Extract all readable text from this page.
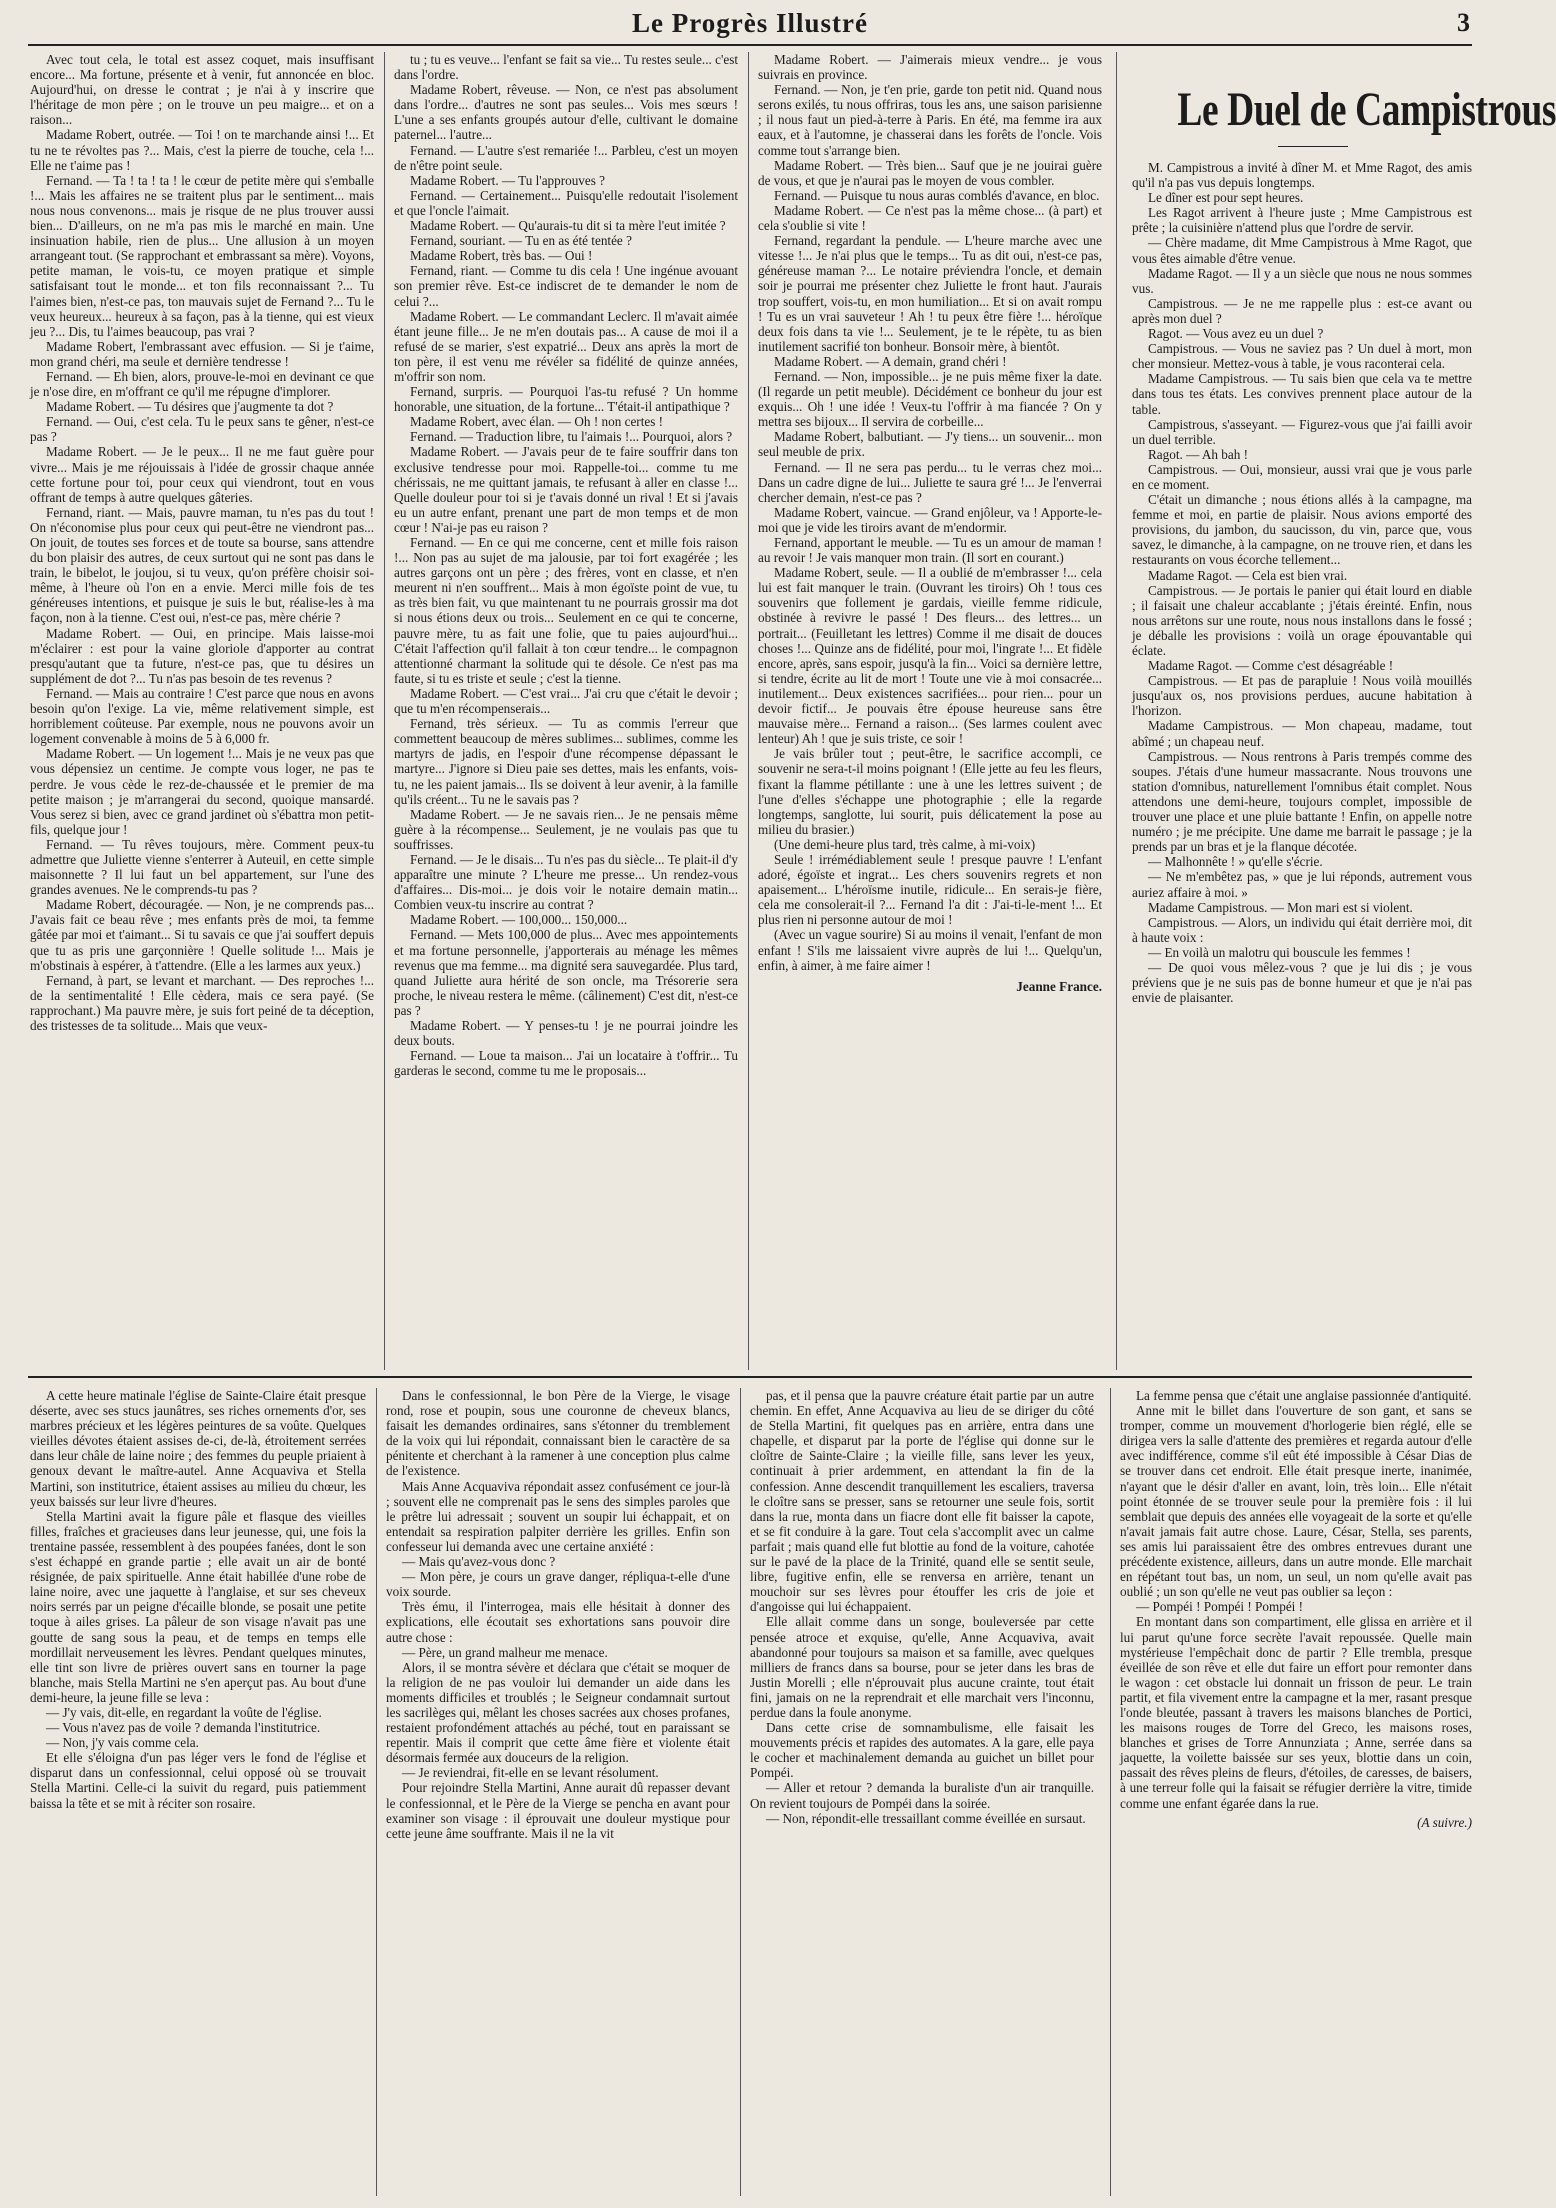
Le Progrès Illustré	3

Avec tout cela, le total est assez coquet, mais insuffisant encore... Ma fortune, présente et à venir, fut annoncée en bloc. Aujourd'hui, on dresse le contrat ; je n'ai à y inscrire que l'héritage de mon père ; on le trouve un peu maigre... et on a raison...

Madame Robert, outrée. — Toi ! on te marchande ainsi !... Et tu ne te révoltes pas ?... Mais, c'est la pierre de touche, cela !... Elle ne t'aime pas !

Fernand. — Ta ! ta ! ta ! le cœur de petite mère qui s'emballe !... Mais les affaires ne se traitent plus par le sentiment... mais nous nous convenons... mais je risque de ne plus trouver aussi bien... D'ailleurs, on ne m'a pas mis le marché en main. Une insinuation habile, rien de plus... Une allusion à un moyen arrangeant tout. (Se rapprochant et embrassant sa mère). Voyons, petite maman, le vois-tu, ce moyen pratique et simple satisfaisant tout le monde... et ton fils reconnaissant ?... Tu l'aimes bien, n'est-ce pas, ton mauvais sujet de Fernand ?... Tu le veux heureux... heureux à sa façon, pas à la tienne, qui est vieux jeu ?... Dis, tu l'aimes beaucoup, pas vrai ?

Madame Robert, l'embrassant avec effusion. — Si je t'aime, mon grand chéri, ma seule et dernière tendresse !

Fernand. — Eh bien, alors, prouve-le-moi en devinant ce que je n'ose dire, en m'offrant ce qu'il me répugne d'implorer.

Madame Robert. — Tu désires que j'augmente ta dot ?

Fernand. — Oui, c'est cela. Tu le peux sans te gêner, n'est-ce pas ?

Madame Robert. — Je le peux... Il ne me faut guère pour vivre... Mais je me réjouissais à l'idée de grossir chaque année cette fortune pour toi, pour ceux qui viendront, tout en vous offrant de temps à autre quelques gâteries.

Fernand, riant. — Mais, pauvre maman, tu n'es pas du tout ! On n'économise plus pour ceux qui peut-être ne viendront pas... On jouit, de toutes ses forces et de toute sa bourse, sans attendre du bon plaisir des autres, de ceux surtout qui ne sont pas dans le train, le bibelot, le joujou, si tu veux, qu'on préfère choisir soi-même, à l'heure où l'on en a envie. Merci mille fois de tes généreuses intentions, et puisque je suis le but, réalise-les à ma façon, non à la tienne. C'est oui, n'est-ce pas, mère chérie ?

Madame Robert. — Oui, en principe. Mais laisse-moi m'éclairer : est pour la vaine gloriole d'apporter au contrat presqu'autant que ta future, n'est-ce pas, que tu désires un supplément de dot ?... Tu n'as pas besoin de tes revenus ?

Fernand. — Mais au contraire ! C'est parce que nous en avons besoin qu'on l'exige. La vie, même relativement simple, est horriblement coûteuse. Par exemple, nous ne pouvons avoir un logement convenable à moins de 5 à 6,000 fr.

Madame Robert. — Un logement !... Mais je ne veux pas que vous dépensiez un centime. Je compte vous loger, ne pas te perdre. Je vous cède le rez-de-chaussée et le premier de ma petite maison ; je m'arrangerai du second, quoique mansardé. Vous serez si bien, avec ce grand jardinet où s'ébattra mon petit-fils, quelque jour !

Fernand. — Tu rêves toujours, mère. Comment peux-tu admettre que Juliette vienne s'enterrer à Auteuil, en cette simple maisonnette ? Il lui faut un bel appartement, sur l'une des grandes avenues. Ne le comprends-tu pas ?

Madame Robert, découragée. — Non, je ne comprends pas... J'avais fait ce beau rêve ; mes enfants près de moi, ta femme gâtée par moi et t'aimant... Si tu savais ce que j'ai souffert depuis que tu as pris une garçonnière ! Quelle solitude !... Mais je m'obstinais à espérer, à t'attendre. (Elle a les larmes aux yeux.)

Fernand, à part, se levant et marchant. — Des reproches !... de la sentimentalité ! Elle cèdera, mais ce sera payé. (Se rapprochant.) Ma pauvre mère, je suis fort peiné de ta déception, des tristesses de ta solitude... Mais que veux-

tu ; tu es veuve... l'enfant se fait sa vie... Tu restes seule... c'est dans l'ordre.

Madame Robert, rêveuse. — Non, ce n'est pas absolument dans l'ordre... d'autres ne sont pas seules... Vois mes sœurs ! L'une a ses enfants groupés autour d'elle, cultivant le domaine paternel... l'autre...

Fernand. — L'autre s'est remariée !... Parbleu, c'est un moyen de n'être point seule.

Madame Robert. — Tu l'approuves ?

Fernand. — Certainement... Puisqu'elle redoutait l'isolement et que l'oncle l'aimait.

Madame Robert. — Qu'aurais-tu dit si ta mère l'eut imitée ?

Fernand, souriant. — Tu en as été tentée ?

Madame Robert, très bas. — Oui !

Fernand, riant. — Comme tu dis cela ! Une ingénue avouant son premier rêve. Est-ce indiscret de te demander le nom de celui ?...

Madame Robert. — Le commandant Leclerc. Il m'avait aimée étant jeune fille... Je ne m'en doutais pas... A cause de moi il a refusé de se marier, s'est expatrié... Deux ans après la mort de ton père, il est venu me révéler sa fidélité de quinze années, m'offrir son nom.

Fernand, surpris. — Pourquoi l'as-tu refusé ? Un homme honorable, une situation, de la fortune... T'était-il antipathique ?

Madame Robert, avec élan. — Oh ! non certes !

Fernand. — Traduction libre, tu l'aimais !... Pourquoi, alors ?

Madame Robert. — J'avais peur de te faire souffrir dans ton exclusive tendresse pour moi. Rappelle-toi... comme tu me chérissais, ne me quittant jamais, te refusant à aller en classe !... Quelle douleur pour toi si je t'avais donné un rival ! Et si j'avais eu un autre enfant, prenant une part de mon temps et de mon cœur ! N'ai-je pas eu raison ?

Fernand. — En ce qui me concerne, cent et mille fois raison !... Non pas au sujet de ma jalousie, par toi fort exagérée ; les autres garçons ont un père ; des frères, vont en classe, et n'en meurent ni n'en souffrent... Mais à mon égoïste point de vue, tu as très bien fait, vu que maintenant tu ne pourrais grossir ma dot si nous étions deux ou trois... Seulement en ce qui te concerne, pauvre mère, tu as fait une folie, que tu paies aujourd'hui... C'était l'affection qu'il fallait à ton cœur tendre... le compagnon attentionné charmant la solitude qui te désole. Ce n'est pas ma faute, si tu es triste et seule ; c'est la tienne.

Madame Robert. — C'est vrai... J'ai cru que c'était le devoir ; que tu m'en récompenserais...

Fernand, très sérieux. — Tu as commis l'erreur que commettent beaucoup de mères sublimes... sublimes, comme les martyrs de jadis, en l'espoir d'une récompense dépassant le martyre... J'ignore si Dieu paie ses dettes, mais les enfants, vois-tu, ne les paient jamais... Ils se doivent à leur avenir, à la famille qu'ils créent... Tu ne le savais pas ?

Madame Robert. — Je ne savais rien... Je ne pensais même guère à la récompense... Seulement, je ne voulais pas que tu souffrisses.

Fernand. — Je le disais... Tu n'es pas du siècle... Te plait-il d'y apparaître une minute ? L'heure me presse... Un rendez-vous d'affaires... Dis-moi... je dois voir le notaire demain matin... Combien veux-tu inscrire au contrat ?

Madame Robert. — 100,000... 150,000...

Fernand. — Mets 100,000 de plus... Avec mes appointements et ma fortune personnelle, j'apporterais au ménage les mêmes revenus que ma femme... ma dignité sera sauvegardée. Plus tard, quand Juliette aura hérité de son oncle, ma Trésorerie sera proche, le niveau restera le même. (câlinement) C'est dit, n'est-ce pas ?

Madame Robert. — Y penses-tu ! je ne pourrai joindre les deux bouts.

Fernand. — Loue ta maison... J'ai un locataire à t'offrir... Tu garderas le second, comme tu me le proposais...

Madame Robert. — J'aimerais mieux vendre... je vous suivrais en province.

Fernand. — Non, je t'en prie, garde ton petit nid. Quand nous serons exilés, tu nous offriras, tous les ans, une saison parisienne ; il nous faut un pied-à-terre à Paris. En été, ma femme ira aux eaux, et à l'automne, je chasserai dans les forêts de l'oncle. Vois comme tout s'arrange bien.

Madame Robert. — Très bien... Sauf que je ne jouirai guère de vous, et que je n'aurai pas le moyen de vous combler.

Fernand. — Puisque tu nous auras comblés d'avance, en bloc.

Madame Robert. — Ce n'est pas la même chose... (à part) et cela s'oublie si vite !

Fernand, regardant la pendule. — L'heure marche avec une vitesse !... Je n'ai plus que le temps... Tu as dit oui, n'est-ce pas, généreuse maman ?... Le notaire préviendra l'oncle, et demain soir je pourrai me présenter chez Juliette le front haut. J'aurais trop souffert, vois-tu, en mon humiliation... Et si on avait rompu ! Tu es un vrai sauveteur ! Ah ! tu peux être fière !... héroïque deux fois dans ta vie !... Seulement, je te le répète, tu as bien inutilement sacrifié ton bonheur. Bonsoir mère, à bientôt.

Madame Robert. — A demain, grand chéri !

Fernand. — Non, impossible... je ne puis même fixer la date. (Il regarde un petit meuble). Décidément ce bonheur du jour est exquis... Oh ! une idée ! Veux-tu l'offrir à ma fiancée ? On y mettra ses bijoux... Il servira de corbeille...

Madame Robert, balbutiant. — J'y tiens... un souvenir... mon seul meuble de prix.

Fernand. — Il ne sera pas perdu... tu le verras chez moi... Dans un cadre digne de lui... Juliette te saura gré !... Je l'enverrai chercher demain, n'est-ce pas ?

Madame Robert, vaincue. — Grand enjôleur, va ! Apporte-le-moi que je vide les tiroirs avant de m'endormir.

Fernand, apportant le meuble. — Tu es un amour de maman ! au revoir ! Je vais manquer mon train. (Il sort en courant.)

Madame Robert, seule. — Il a oublié de m'embrasser !... cela lui est fait manquer le train. (Ouvrant les tiroirs) Oh ! tous ces souvenirs que follement je gardais, vieille femme ridicule, obstinée à revivre le passé ! Des fleurs... des lettres... un portrait... (Feuilletant les lettres) Comme il me disait de douces choses !... Quinze ans de fidélité, pour moi, l'ingrate !... Et fidèle encore, après, sans espoir, jusqu'à la fin... Voici sa dernière lettre, si tendre, écrite au lit de mort ! Toute une vie à moi consacrée... inutilement... Deux existences sacrifiées... pour rien... pour un devoir fictif... Je pouvais être épouse heureuse sans être mauvaise mère... Fernand a raison... (Ses larmes coulent avec lenteur) Ah ! que je suis triste, ce soir !

Je vais brûler tout ; peut-être, le sacrifice accompli, ce souvenir ne sera-t-il moins poignant ! (Elle jette au feu les fleurs, fixant la flamme pétillante : une à une les lettres suivent ; de l'une d'elles s'échappe une photographie ; elle la regarde longtemps, sanglotte, lui sourit, puis délicatement la pose au milieu du brasier.)

(Une demi-heure plus tard, très calme, à mi-voix)

Seule ! irrémédiablement seule ! presque pauvre ! L'enfant adoré, égoïste et ingrat... Les chers souvenirs regrets et non apaisement... L'héroïsme inutile, ridicule... En serais-je fière, cela me consolerait-il ?... Fernand l'a dit : J'ai-ti-le-ment !... Et plus rien ni personne autour de moi !

(Avec un vague sourire) Si au moins il venait, l'enfant de mon enfant ! S'ils me laissaient vivre auprès de lui !... Quelqu'un, enfin, à aimer, à me faire aimer !

Jeanne France.

Le Duel de Campistrous

M. Campistrous a invité à dîner M. et Mme Ragot, des amis qu'il n'a pas vus depuis longtemps.

Le dîner est pour sept heures.

Les Ragot arrivent à l'heure juste ; Mme Campistrous est prête ; la cuisinière n'attend plus que l'ordre de servir.

— Chère madame, dit Mme Campistrous à Mme Ragot, que vous êtes aimable d'être venue.

Madame Ragot. — Il y a un siècle que nous ne nous sommes vus.

Campistrous. — Je ne me rappelle plus : est-ce avant ou après mon duel ?

Ragot. — Vous avez eu un duel ?

Campistrous. — Vous ne saviez pas ? Un duel à mort, mon cher monsieur. Mettez-vous à table, je vous raconterai cela.

Madame Campistrous. — Tu sais bien que cela va te mettre dans tous tes états. Les convives prennent place autour de la table.

Campistrous, s'asseyant. — Figurez-vous que j'ai failli avoir un duel terrible.

Ragot. — Ah bah !

Campistrous. — Oui, monsieur, aussi vrai que je vous parle en ce moment.

C'était un dimanche ; nous étions allés à la campagne, ma femme et moi, en partie de plaisir. Nous avions emporté des provisions, du jambon, du saucisson, du vin, parce que, vous savez, le dimanche, à la campagne, on ne trouve rien, et dans les restaurants on vous écorche tellement...

Madame Ragot. — Cela est bien vrai.

Campistrous. — Je portais le panier qui était lourd en diable ; il faisait une chaleur accablante ; j'étais éreinté. Enfin, nous nous arrêtons sur une route, nous nous installons dans le fossé ; je déballe les provisions : voilà un orage épouvantable qui éclate.

Madame Ragot. — Comme c'est désagréable !

Campistrous. — Et pas de parapluie ! Nous voilà mouillés jusqu'aux os, nos provisions perdues, aucune habitation à l'horizon.

Madame Campistrous. — Mon chapeau, madame, tout abîmé ; un chapeau neuf.

Campistrous. — Nous rentrons à Paris trempés comme des soupes. J'étais d'une humeur massacrante. Nous trouvons une station d'omnibus, naturellement l'omnibus était complet. Nous attendons une demi-heure, toujours complet, impossible de trouver une place et une pluie battante ! Enfin, on appelle notre numéro ; je me précipite. Une dame me barrait le passage ; je la prends par un bras et je la flanque décotée.

— Malhonnête ! » qu'elle s'écrie.

— Ne m'embêtez pas, » que je lui réponds, autrement vous auriez affaire à moi. »

Madame Campistrous. — Mon mari est si violent.

Campistrous. — Alors, un individu qui était derrière moi, dit à haute voix :

— En voilà un malotru qui bouscule les femmes !

— De quoi vous mêlez-vous ? que je lui dis ; je vous préviens que je ne suis pas de bonne humeur et que je n'ai pas envie de plaisanter.

A cette heure matinale l'église de Sainte-Claire était presque déserte, avec ses stucs jaunâtres, ses riches ornements d'or, ses marbres précieux et les légères peintures de sa voûte. Quelques vieilles dévotes étaient assises de-ci, de-là, étroitement serrées dans leur châle de laine noire ; des femmes du peuple priaient à genoux devant le maître-autel. Anne Acquaviva et Stella Martini, son institutrice, étaient assises au milieu du chœur, les yeux baissés sur leur livre d'heures.

Stella Martini avait la figure pâle et flasque des vieilles filles, fraîches et gracieuses dans leur jeunesse, qui, une fois la trentaine passée, ressemblent à des poupées fanées, dont le son s'est échappé en grande partie ; elle avait un air de bonté résignée, de paix spirituelle. Anne était habillée d'une robe de laine noire, avec une jaquette à l'anglaise, et sur ses cheveux noirs serrés par un peigne d'écaille blonde, se posait une petite toque à ailes grises. La pâleur de son visage n'avait pas une goutte de sang sous la peau, et de temps en temps elle mordillait nerveusement les lèvres. Pendant quelques minutes, elle tint son livre de prières ouvert sans en tourner la page blanche, mais Stella Martini ne s'en aperçut pas. Au bout d'une demi-heure, la jeune fille se leva :

— J'y vais, dit-elle, en regardant la voûte de l'église.

— Vous n'avez pas de voile ? demanda l'institutrice.

— Non, j'y vais comme cela.

Et elle s'éloigna d'un pas léger vers le fond de l'église et disparut dans un confessionnal, celui opposé où se trouvait Stella Martini. Celle-ci la suivit du regard, puis patiemment baissa la tête et se mit à réciter son rosaire.

Dans le confessionnal, le bon Père de la Vierge, le visage rond, rose et poupin, sous une couronne de cheveux blancs, faisait les demandes ordinaires, sans s'étonner du tremblement de la voix qui lui répondait, connaissant bien le caractère de sa pénitente et cherchant à la ramener à une conception plus calme de l'existence.

Mais Anne Acquaviva répondait assez confusément ce jour-là ; souvent elle ne comprenait pas le sens des simples paroles que le prêtre lui adressait ; souvent un soupir lui échappait, et on entendait sa respiration palpiter derrière les grilles. Enfin son confesseur lui demanda avec une certaine anxiété :

— Mais qu'avez-vous donc ?

— Mon père, je cours un grave danger, répliqua-t-elle d'une voix sourde.

Très ému, il l'interrogea, mais elle hésitait à donner des explications, elle écoutait ses exhortations sans pouvoir dire autre chose :

— Père, un grand malheur me menace.

Alors, il se montra sévère et déclara que c'était se moquer de la religion de ne pas vouloir lui demander un aide dans les moments difficiles et troublés ; le Seigneur condamnait surtout les sacrilèges qui, mêlant les choses sacrées aux choses profanes, restaient profondément attachés au péché, tout en paraissant se repentir. Mais il comprit que cette âme fière et violente était désormais fermée aux douceurs de la religion.

— Je reviendrai, fit-elle en se levant résolument.

Pour rejoindre Stella Martini, Anne aurait dû repasser devant le confessionnal, et le Père de la Vierge se pencha en avant pour examiner son visage : il éprouvait une douleur mystique pour cette jeune âme souffrante. Mais il ne la vit

pas, et il pensa que la pauvre créature était partie par un autre chemin. En effet, Anne Acquaviva au lieu de se diriger du côté de Stella Martini, fit quelques pas en arrière, entra dans une chapelle, et disparut par la porte de l'église qui donne sur le cloître de Sainte-Claire ; la vieille fille, sans lever les yeux, continuait à prier ardemment, en attendant la fin de la confession. Anne descendit tranquillement les escaliers, traversa le cloître sans se presser, sans se retourner une seule fois, sortit dans la rue, monta dans un fiacre dont elle fit baisser la capote, et se fit conduire à la gare. Tout cela s'accomplit avec un calme parfait ; mais quand elle fut blottie au fond de la voiture, cahotée sur le pavé de la place de la Trinité, quand elle se sentit seule, libre, fugitive enfin, elle se renversa en arrière, tenant un mouchoir sur ses lèvres pour étouffer les cris de joie et d'angoisse qui lui échappaient.

Elle allait comme dans un songe, bouleversée par cette pensée atroce et exquise, qu'elle, Anne Acquaviva, avait abandonné pour toujours sa maison et sa famille, avec quelques milliers de francs dans sa bourse, pour se jeter dans les bras de Justin Morelli ; elle n'éprouvait plus aucune crainte, tout était fini, jamais on ne la reprendrait et elle marchait vers l'inconnu, perdue dans la foule anonyme.

Dans cette crise de somnambulisme, elle faisait les mouvements précis et rapides des automates. A la gare, elle paya le cocher et machinalement demanda au guichet un billet pour Pompéi.

— Aller et retour ? demanda la buraliste d'un air tranquille. On revient toujours de Pompéi dans la soirée.

— Non, répondit-elle tressaillant comme éveillée en sursaut.

La femme pensa que c'était une anglaise passionnée d'antiquité.

Anne mit le billet dans l'ouverture de son gant, et sans se tromper, comme un mouvement d'horlogerie bien réglé, elle se dirigea vers la salle d'attente des premières et regarda autour d'elle avec indifférence, comme s'il eût été impossible à César Dias de se trouver dans cet endroit. Elle était presque inerte, inanimée, n'ayant que le désir d'aller en avant, loin, très loin... Elle n'était point étonnée de se trouver seule pour la première fois : il lui semblait que depuis des années elle voyageait de la sorte et qu'elle n'avait jamais fait autre chose. Laure, César, Stella, ses parents, ses amis lui paraissaient être des ombres entrevues durant une précédente existence, ailleurs, dans un autre monde. Elle marchait en répétant tout bas, un nom, un seul, un nom qu'elle avait pas oublié ; un son qu'elle ne veut pas oublier sa leçon :

— Pompéi ! Pompéi ! Pompéi !

En montant dans son compartiment, elle glissa en arrière et il lui parut qu'une force secrète l'avait repoussée. Quelle main mystérieuse l'empêchait donc de partir ? Elle trembla, presque éveillée de son rêve et elle dut faire un effort pour remonter dans le wagon : cet obstacle lui donnait un frisson de peur. Le train partit, et fila vivement entre la campagne et la mer, rasant presque l'onde bleutée, passant à travers les maisons blanches de Portici, les maisons rouges de Torre del Greco, les maisons roses, blanches et grises de Torre Annunziata ; Anne, serrée dans sa jaquette, la voilette baissée sur ses yeux, blottie dans un coin, passait des rêves pleins de fleurs, d'étoiles, de caresses, de baisers, à une terreur folle qui la faisait se réfugier derrière la vitre, timide comme une enfant égarée dans la rue.

(A suivre.)
